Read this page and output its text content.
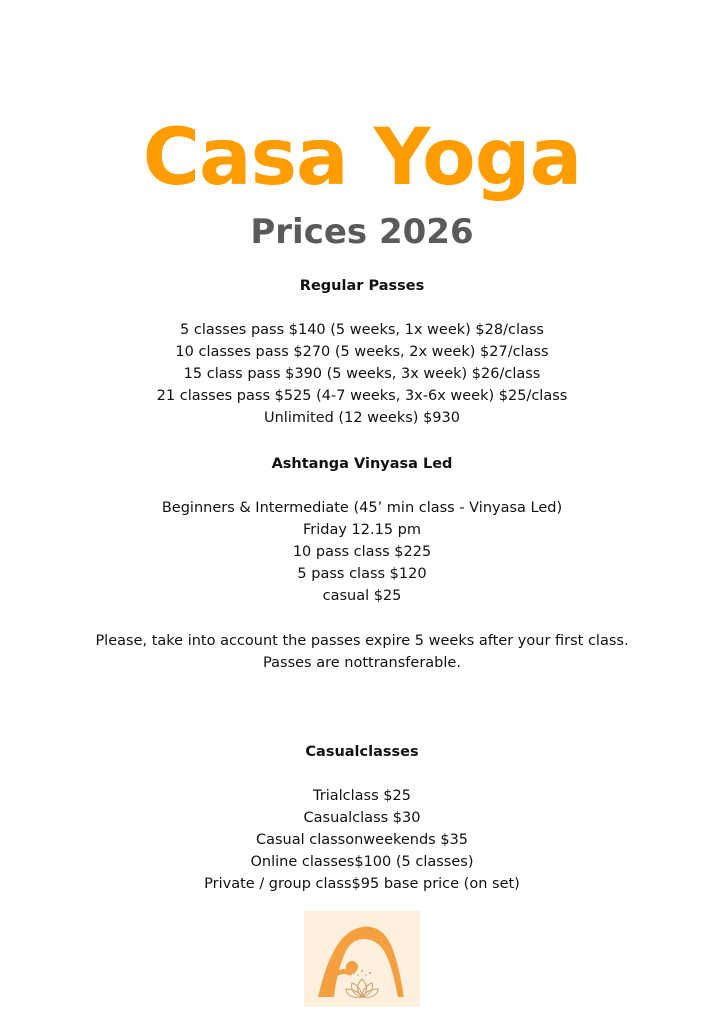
Casa Yoga
Prices 2026
Regular Passes
5 classes pass $140 (5 weeks, 1x week) $28/class
10 classes pass $270 (5 weeks, 2x week) $27/class
15 class pass $390 (5 weeks, 3x week) $26/class
21 classes pass $525 (4-7 weeks, 3x-6x week) $25/class
Unlimited (12 weeks) $930
Ashtanga Vinyasa Led
Beginners & Intermediate (45’ min class - Vinyasa Led)
Friday 12.15 pm
10 pass class $225
5 pass class $120
casual $25
Please, take into account the passes expire 5 weeks after your first class.
Passes are nottransferable.
Casualclasses
Trialclass $25
Casualclass $30
Casual classonweekends $35
Online classes$100 (5 classes)
Private / group class$95 base price (on set)
